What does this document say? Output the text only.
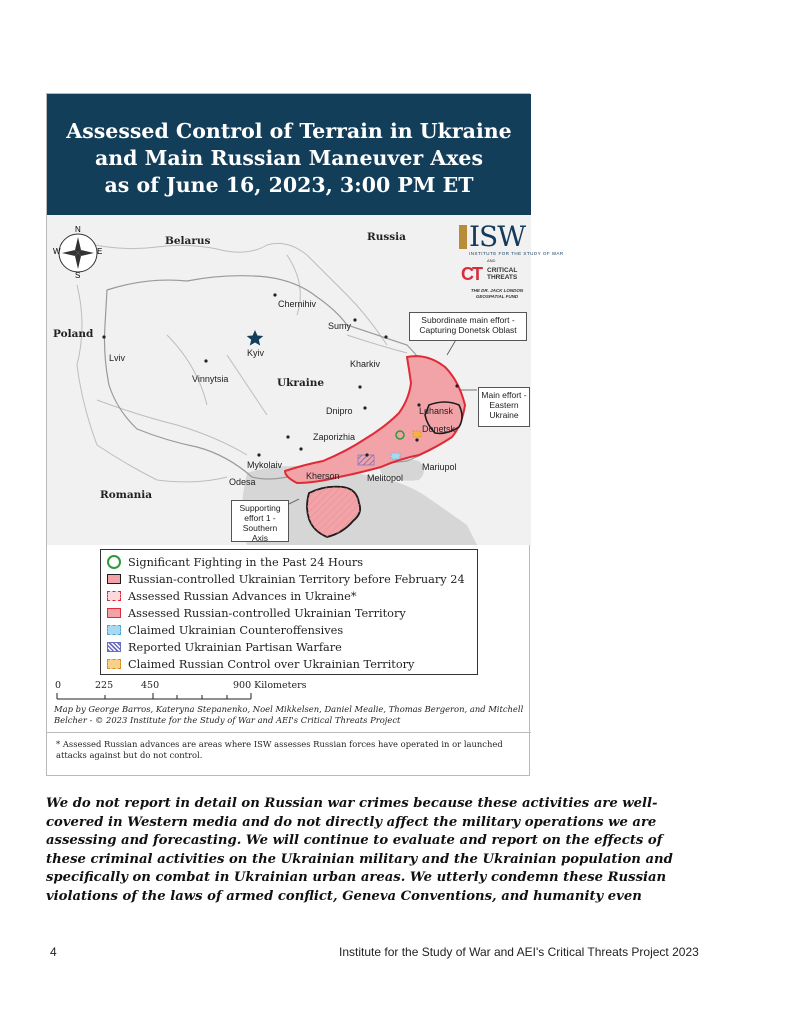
Assessed Control of Terrain in Ukraine
and Main Russian Maneuver Axes
as of June 16, 2023, 3:00 PM ET
Belarus	Russia
Poland
Ukraine
Romania
Chernihiv
Sumy
Kyiv
Lviv
Kharkiv
Vinnytsia
Dnipro	Luhansk
Donetsk
Zaporizhia
Mykolaiv	Mariupol
Kherson	Melitopol
Odesa
Subordinate main effort - Capturing Donetsk Oblast
Main effort - Eastern Ukraine
Supporting effort 1 - Southern Axis
N
E
S
W	ISW
INSTITUTE FOR THE STUDY OF WAR
AND
CT CRITICAL
THREATS
THE DR. JACK LONDON
GEOSPATIAL FUND
Significant Fighting in the Past 24 Hours
Russian-controlled Ukrainian Territory before February 24
Assessed Russian Advances in Ukraine*
Assessed Russian-controlled Ukrainian Territory
Claimed Ukrainian Counteroffensives
Reported Ukrainian Partisan Warfare
Claimed Russian Control over Ukrainian Territory
0	225	450	900 Kilometers
Map by George Barros, Kateryna Stepanenko, Noel Mikkelsen, Daniel Mealie, Thomas Bergeron, and Mitchell Belcher - © 2023 Institute for the Study of War and AEI's Critical Threats Project
* Assessed Russian advances are areas where ISW assesses Russian forces have operated in or launched attacks against but do not control.
We do not report in detail on Russian war crimes because these activities are well-
covered in Western media and do not directly affect the military operations we are
assessing and forecasting. We will continue to evaluate and report on the effects of
these criminal activities on the Ukrainian military and the Ukrainian population and
specifically on combat in Ukrainian urban areas. We utterly condemn these Russian
violations of the laws of armed conflict, Geneva Conventions, and humanity even
4	Institute for the Study of War and AEI's Critical Threats Project 2023
